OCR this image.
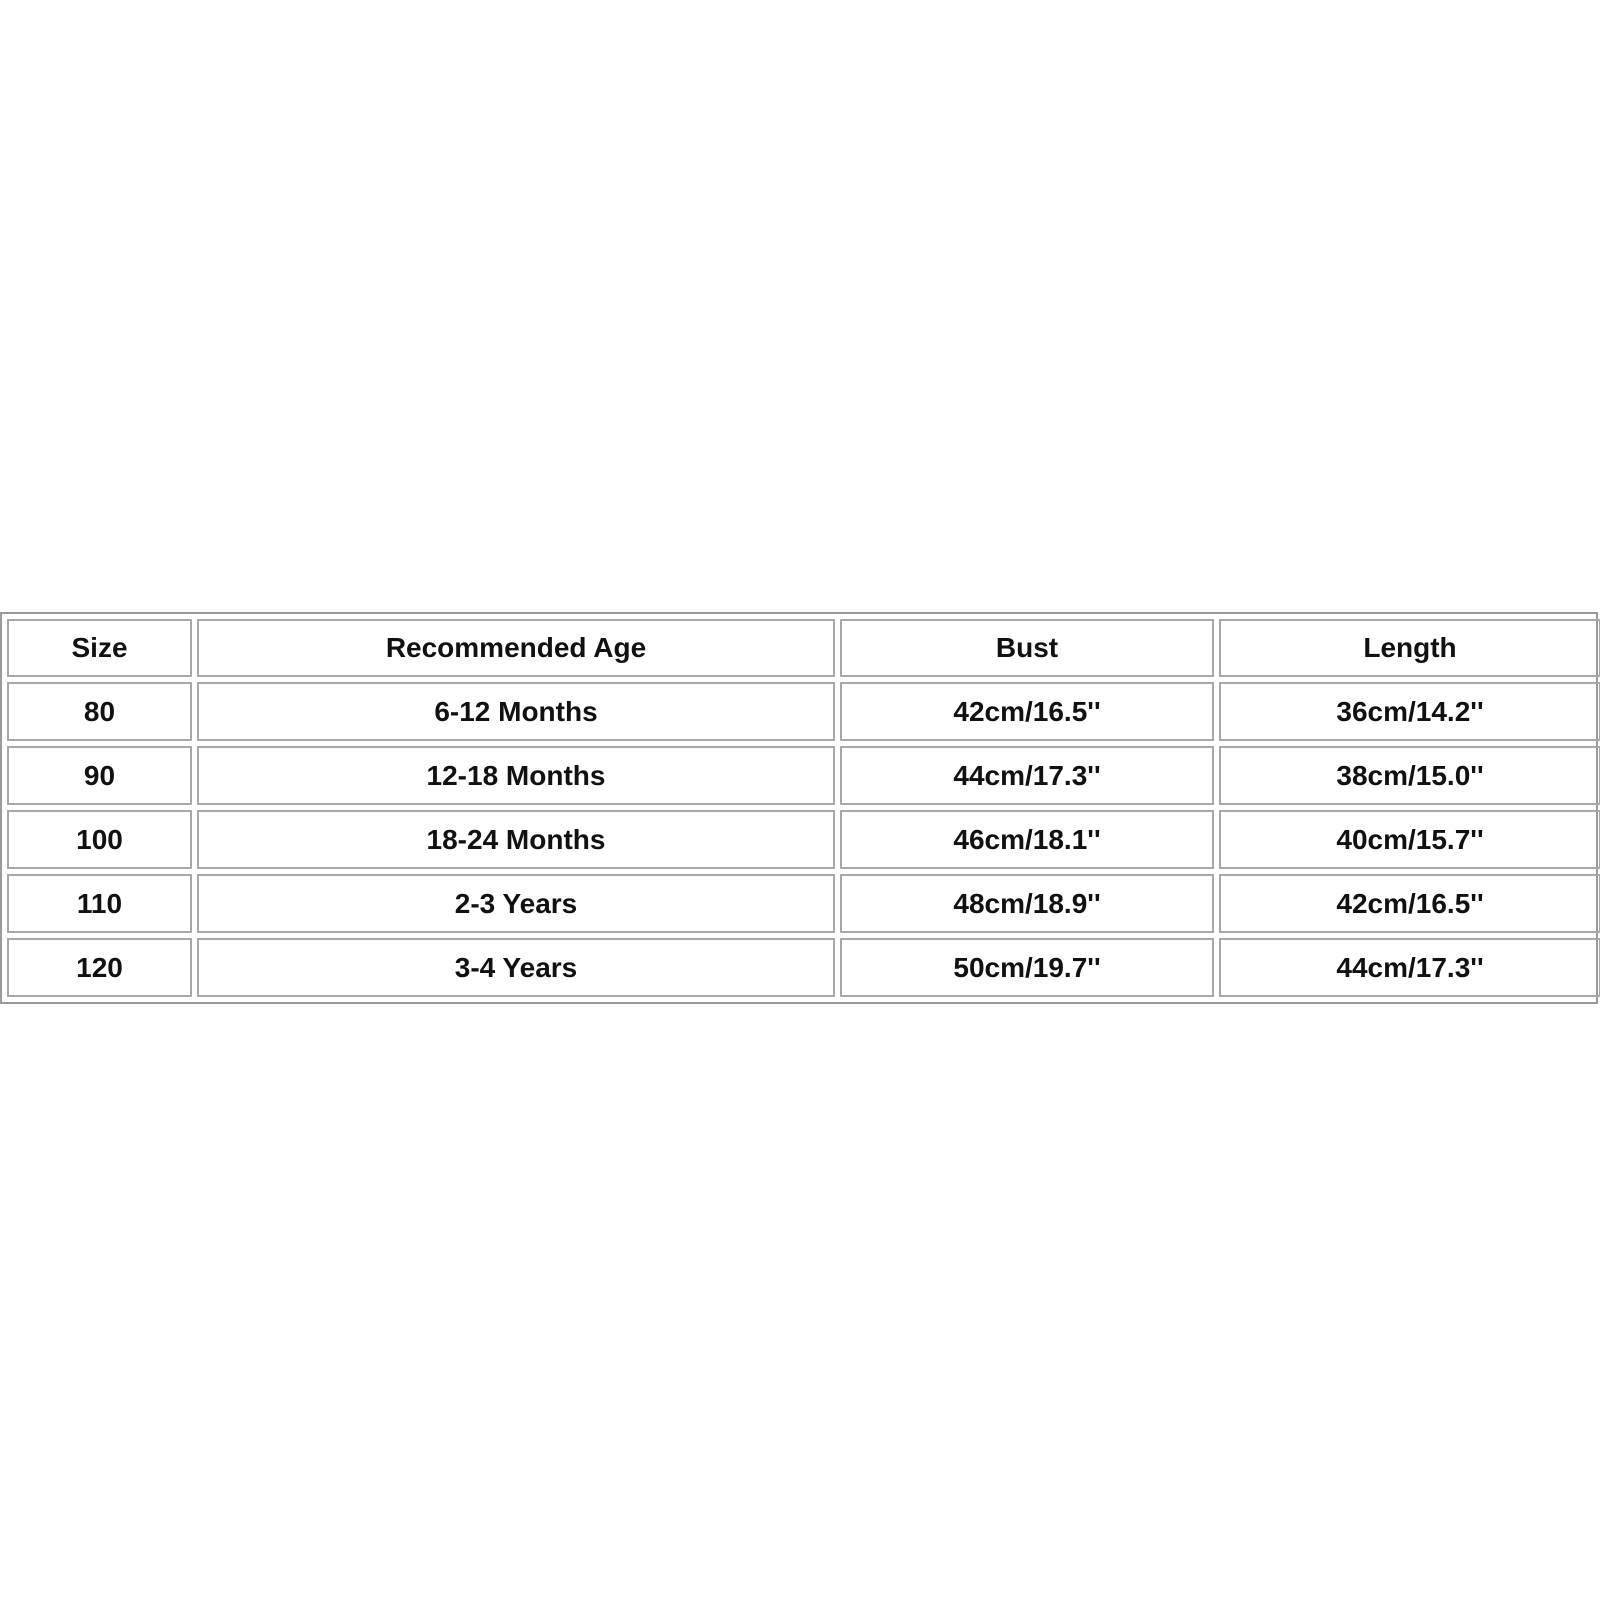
Size	Recommended Age	Bust	Length
80	6-12 Months	42cm/16.5''	36cm/14.2''
90	12-18 Months	44cm/17.3''	38cm/15.0''
100	18-24 Months	46cm/18.1''	40cm/15.7''
110	2-3 Years	48cm/18.9''	42cm/16.5''
120	3-4 Years	50cm/19.7''	44cm/17.3''
